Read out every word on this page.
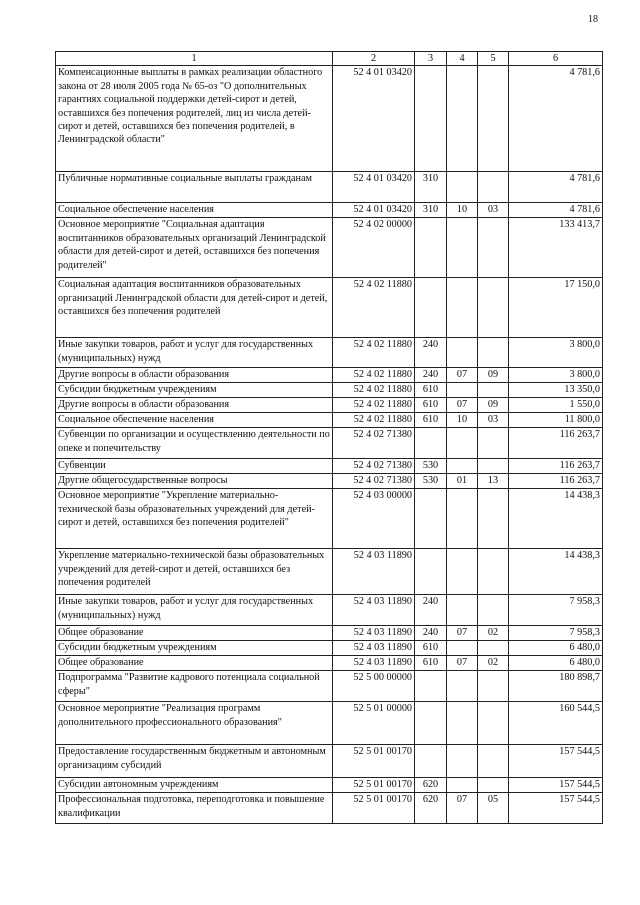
18
1	2	3	4	5	6
Компенсационные выплаты в рамках реализации областного закона от 28 июля 2005 года № 65-оз "О дополнительных гарантиях социальной поддержки детей-сирот и детей, оставшихся без попечения родителей, лиц из числа детей-сирот и детей, оставшихся без попечения родителей, в Ленинградской области"	52 4 01 03420				4 781,6
Публичные нормативные социальные выплаты гражданам	52 4 01 03420	310			4 781,6
Социальное обеспечение населения	52 4 01 03420	310	10	03	4 781,6
Основное мероприятие "Социальная адаптация воспитанников образовательных организаций Ленинградской области для детей-сирот и детей, оставшихся без попечения родителей"	52 4 02 00000				133 413,7
Социальная адаптация воспитанников образовательных организаций Ленинградской области для детей-сирот и детей, оставшихся без попечения родителей	52 4 02 11880				17 150,0
Иные закупки товаров, работ и услуг для государственных (муниципальных) нужд	52 4 02 11880	240			3 800,0
Другие вопросы в области образования	52 4 02 11880	240	07	09	3 800,0
Субсидии бюджетным учреждениям	52 4 02 11880	610			13 350,0
Другие вопросы в области образования	52 4 02 11880	610	07	09	1 550,0
Социальное обеспечение населения	52 4 02 11880	610	10	03	11 800,0
Субвенции по организации и осуществлению деятельности по опеке и попечительству	52 4 02 71380				116 263,7
Субвенции	52 4 02 71380	530			116 263,7
Другие общегосударственные вопросы	52 4 02 71380	530	01	13	116 263,7
Основное мероприятие "Укрепление материально-технической базы образовательных учреждений для детей-сирот и детей, оставшихся без попечения родителей"	52 4 03 00000				14 438,3
Укрепление материально-технической базы образовательных учреждений для детей-сирот и детей, оставшихся без попечения родителей	52 4 03 11890				14 438,3
Иные закупки товаров, работ и услуг для государственных (муниципальных) нужд	52 4 03 11890	240			7 958,3
Общее образование	52 4 03 11890	240	07	02	7 958,3
Субсидии бюджетным учреждениям	52 4 03 11890	610			6 480,0
Общее образование	52 4 03 11890	610	07	02	6 480,0
Подпрограмма "Развитие кадрового потенциала социальной сферы"	52 5 00 00000				180 898,7
Основное мероприятие "Реализация программ дополнительного профессионального образования"	52 5 01 00000				160 544,5
Предоставление государственным бюджетным и автономным организациям субсидий	52 5 01 00170				157 544,5
Субсидии автономным учреждениям	52 5 01 00170	620			157 544,5
Профессиональная подготовка, переподготовка и повышение квалификации	52 5 01 00170	620	07	05	157 544,5
